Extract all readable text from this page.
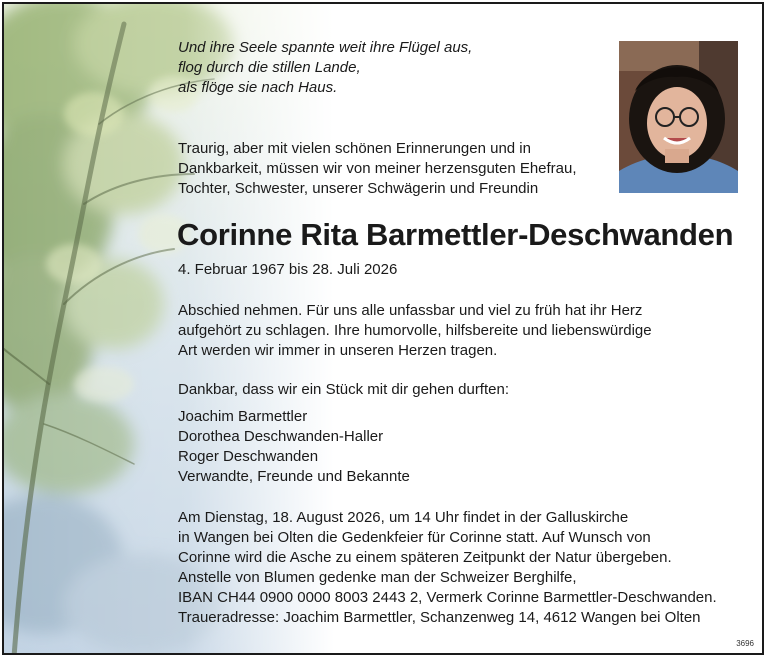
Und ihre Seele spannte weit ihre Flügel aus,
flog durch die stillen Lande,
als flöge sie nach Haus.
Traurig, aber mit vielen schönen Erinnerungen und in
Dankbarkeit, müssen wir von meiner herzensguten Ehefrau,
Tochter, Schwester, unserer Schwägerin und Freundin
Corinne Rita Barmettler-Deschwanden
4. Februar 1967 bis 28. Juli 2026
Abschied nehmen. Für uns alle unfassbar und viel zu früh hat ihr Herz
aufgehört zu schlagen. Ihre humorvolle, hilfsbereite und liebenswürdige
Art werden wir immer in unseren Herzen tragen.
Dankbar, dass wir ein Stück mit dir gehen durften:
Joachim Barmettler
Dorothea Deschwanden-Haller
Roger Deschwanden
Verwandte, Freunde und Bekannte
Am Dienstag, 18. August 2026, um 14 Uhr findet in der Galluskirche
in Wangen bei Olten die Gedenkfeier für Corinne statt. Auf Wunsch von
Corinne wird die Asche zu einem späteren Zeitpunkt der Natur übergeben.
Anstelle von Blumen gedenke man der Schweizer Berghilfe,
IBAN CH44 0900 0000 8003 2443 2, Vermerk Corinne Barmettler-Deschwanden.
Traueradresse: Joachim Barmettler, Schanzenweg 14, 4612 Wangen bei Olten
3696
